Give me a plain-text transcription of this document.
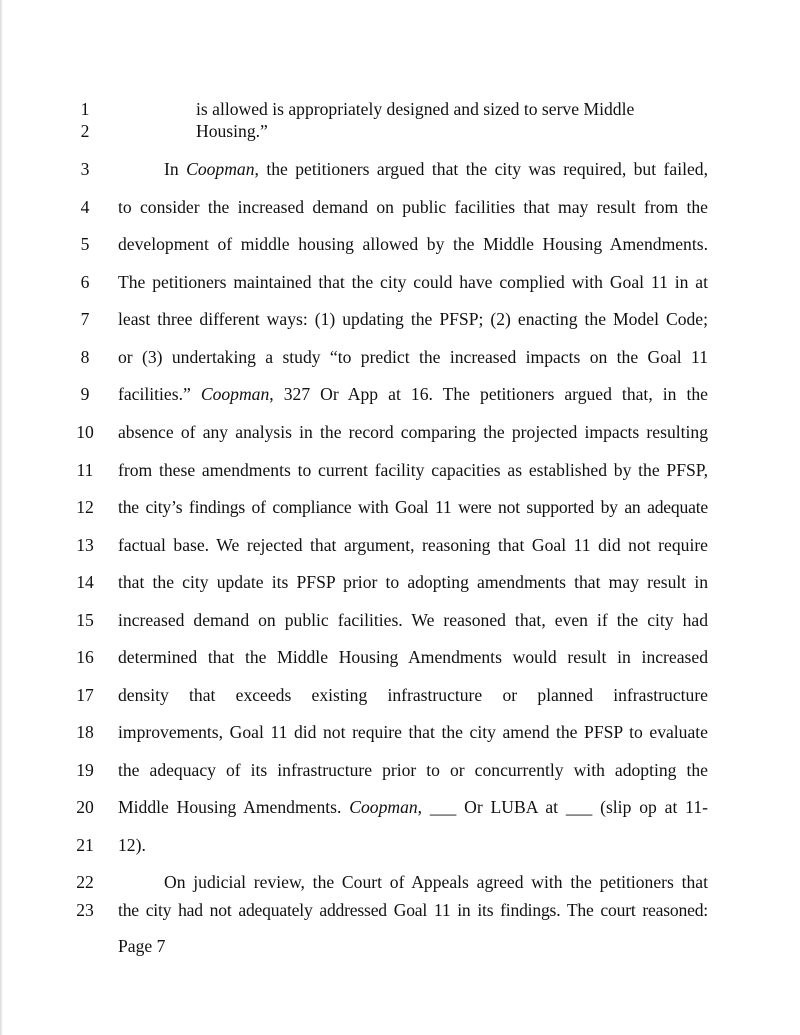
1	is allowed is appropriately designed and sized to serve Middle
2	Housing.”
3	In Coopman, the petitioners argued that the city was required, but failed,
4	to consider the increased demand on public facilities that may result from the
5	development of middle housing allowed by the Middle Housing Amendments.
6	The petitioners maintained that the city could have complied with Goal 11 in at
7	least three different ways: (1) updating the PFSP; (2) enacting the Model Code;
8	or (3) undertaking a study “to predict the increased impacts on the Goal 11
9	facilities.” Coopman, 327 Or App at 16. The petitioners argued that, in the
10	absence of any analysis in the record comparing the projected impacts resulting
11	from these amendments to current facility capacities as established by the PFSP,
12	the city’s findings of compliance with Goal 11 were not supported by an adequate
13	factual base. We rejected that argument, reasoning that Goal 11 did not require
14	that the city update its PFSP prior to adopting amendments that may result in
15	increased demand on public facilities. We reasoned that, even if the city had
16	determined that the Middle Housing Amendments would result in increased
17	density that exceeds existing infrastructure or planned infrastructure
18	improvements, Goal 11 did not require that the city amend the PFSP to evaluate
19	the adequacy of its infrastructure prior to or concurrently with adopting the
20	Middle Housing Amendments. Coopman, ___ Or LUBA at ___ (slip op at 11-
21	12).
22	On judicial review, the Court of Appeals agreed with the petitioners that
23	the city had not adequately addressed Goal 11 in its findings. The court reasoned:
Page 7
